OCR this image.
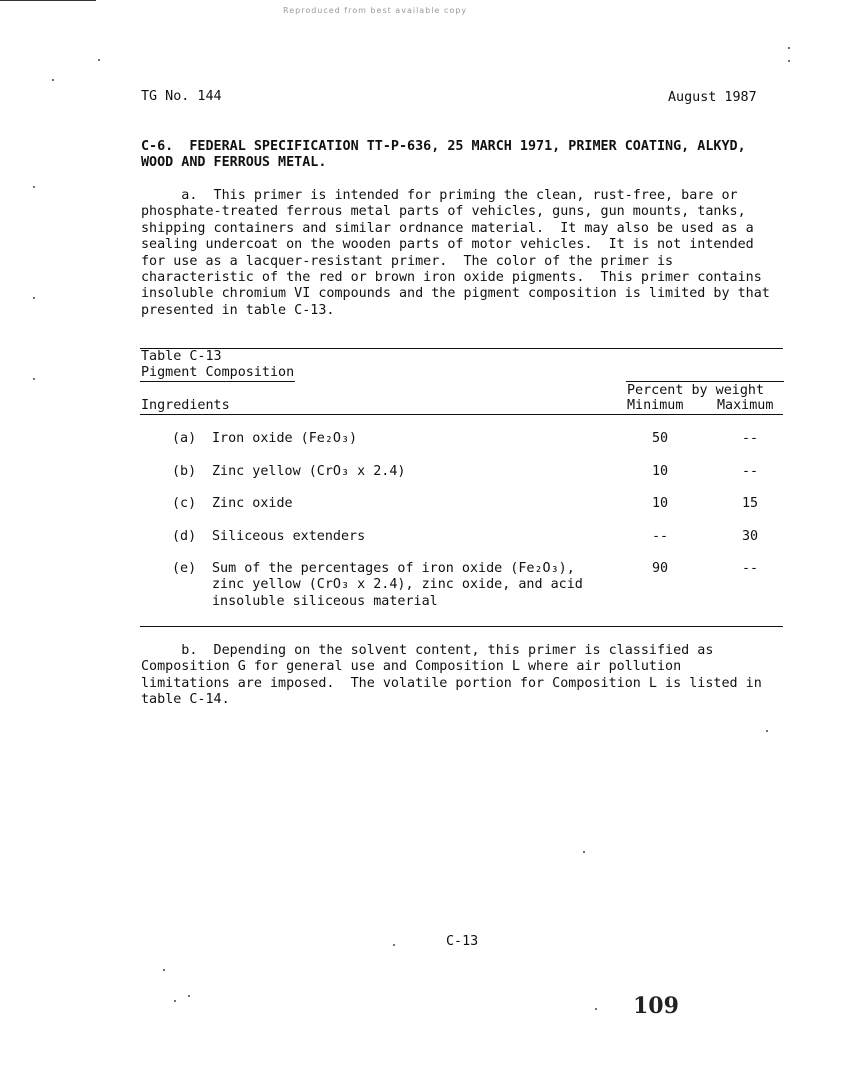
Reproduced from best available copy
TG No. 144	August 1987
C-6.  FEDERAL SPECIFICATION TT-P-636, 25 MARCH 1971, PRIMER COATING, ALKYD,
WOOD AND FERROUS METAL.
a.  This primer is intended for priming the clean, rust-free, bare or
phosphate-treated ferrous metal parts of vehicles, guns, gun mounts, tanks,
shipping containers and similar ordnance material.  It may also be used as a
sealing undercoat on the wooden parts of motor vehicles.  It is not intended
for use as a lacquer-resistant primer.  The color of the primer is
characteristic of the red or brown iron oxide pigments.  This primer contains
insoluble chromium VI compounds and the pigment composition is limited by that
presented in table C-13.
Table C-13
Pigment Composition
Percent by weight
Ingredients	Minimum	Maximum
(a) Iron oxide (Fe₂O₃)	50	--
(b) Zinc yellow (CrO₃ x 2.4)	10	--
(c) Zinc oxide	10	15
(d) Siliceous extenders	--	30
(e) Sum of the percentages of iron oxide (Fe₂O₃),
zinc yellow (CrO₃ x 2.4), zinc oxide, and acid
insoluble siliceous material
90	--
b.  Depending on the solvent content, this primer is classified as
Composition G for general use and Composition L where air pollution
limitations are imposed.  The volatile portion for Composition L is listed in
table C-14.
C-13
109
